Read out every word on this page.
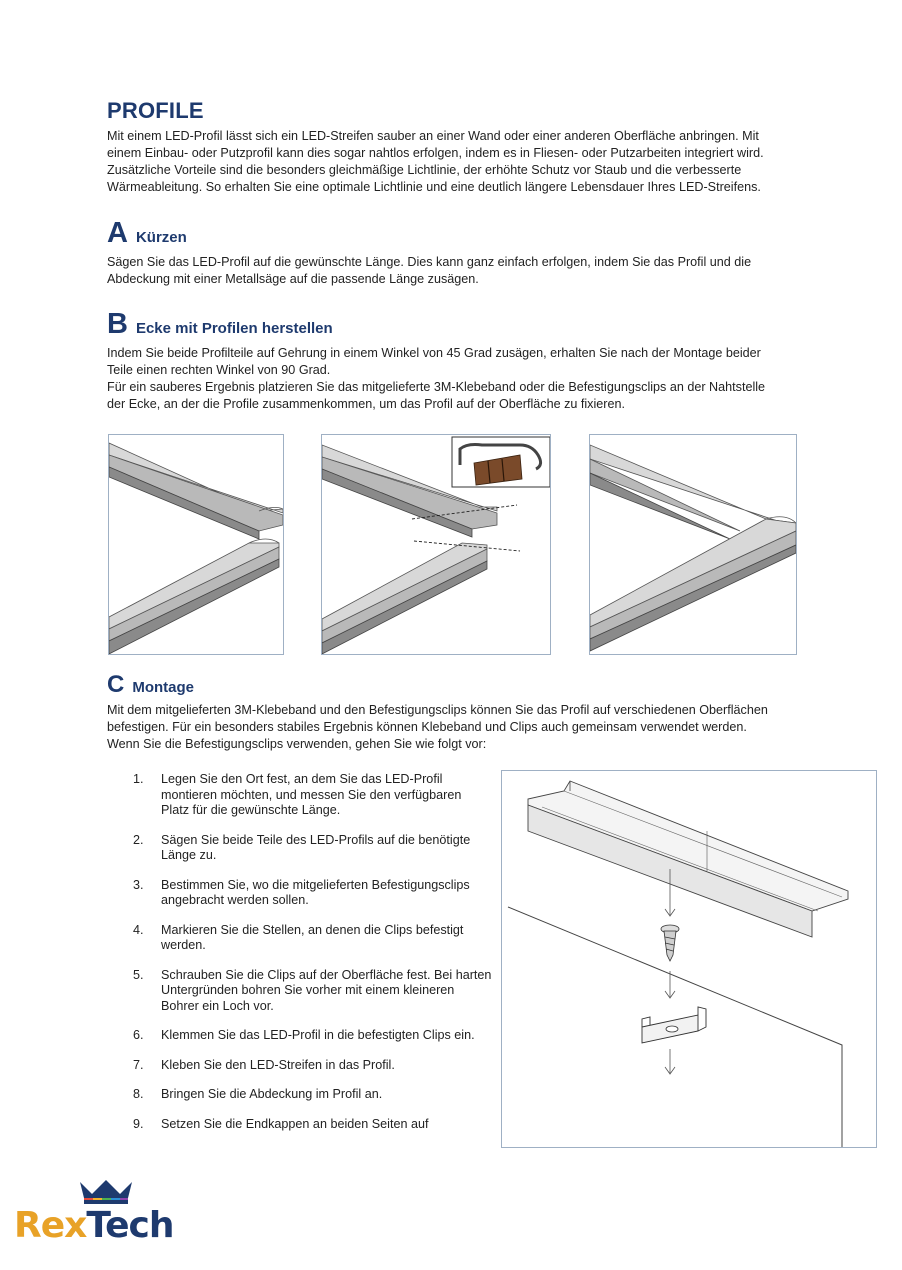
PROFILE
Mit einem LED-Profil lässt sich ein LED-Streifen sauber an einer Wand oder einer anderen Oberfläche anbringen. Mit
einem Einbau- oder Putzprofil kann dies sogar nahtlos erfolgen, indem es in Fliesen- oder Putzarbeiten integriert wird.
Zusätzliche Vorteile sind die besonders gleichmäßige Lichtlinie, der erhöhte Schutz vor Staub und die verbesserte
Wärmeableitung. So erhalten Sie eine optimale Lichtlinie und eine deutlich längere Lebensdauer Ihres LED-Streifens.
A Kürzen
Sägen Sie das LED-Profil auf die gewünschte Länge. Dies kann ganz einfach erfolgen, indem Sie das Profil und die
Abdeckung mit einer Metallsäge auf die passende Länge zusägen.
B Ecke mit Profilen herstellen
Indem Sie beide Profilteile auf Gehrung in einem Winkel von 45 Grad zusägen, erhalten Sie nach der Montage beider
Teile einen rechten Winkel von 90 Grad.
Für ein sauberes Ergebnis platzieren Sie das mitgelieferte 3M-Klebeband oder die Befestigungsclips an der Nahtstelle
der Ecke, an der die Profile zusammenkommen, um das Profil auf der Oberfläche zu fixieren.
C Montage
Mit dem mitgelieferten 3M-Klebeband und den Befestigungsclips können Sie das Profil auf verschiedenen Oberflächen
befestigen. Für ein besonders stabiles Ergebnis können Klebeband und Clips auch gemeinsam verwendet werden.
Wenn Sie die Befestigungsclips verwenden, gehen Sie wie folgt vor:
1.	Legen Sie den Ort fest, an dem Sie das LED-Profil montieren möchten, und messen Sie den verfügbaren Platz für die gewünschte Länge.
2.	Sägen Sie beide Teile des LED-Profils auf die benötigte Länge zu.
3.	Bestimmen Sie, wo die mitgelieferten Befestigungsclips angebracht werden sollen.
4.	Markieren Sie die Stellen, an denen die Clips befestigt werden.
5.	Schrauben Sie die Clips auf der Oberfläche fest. Bei harten Untergründen bohren Sie vorher mit einem kleineren Bohrer ein Loch vor.
6.	Klemmen Sie das LED-Profil in die befestigten Clips ein.
7.	Kleben Sie den LED-Streifen in das Profil.
8.	Bringen Sie die Abdeckung im Profil an.
9.	Setzen Sie die Endkappen an beiden Seiten auf
RexTech
